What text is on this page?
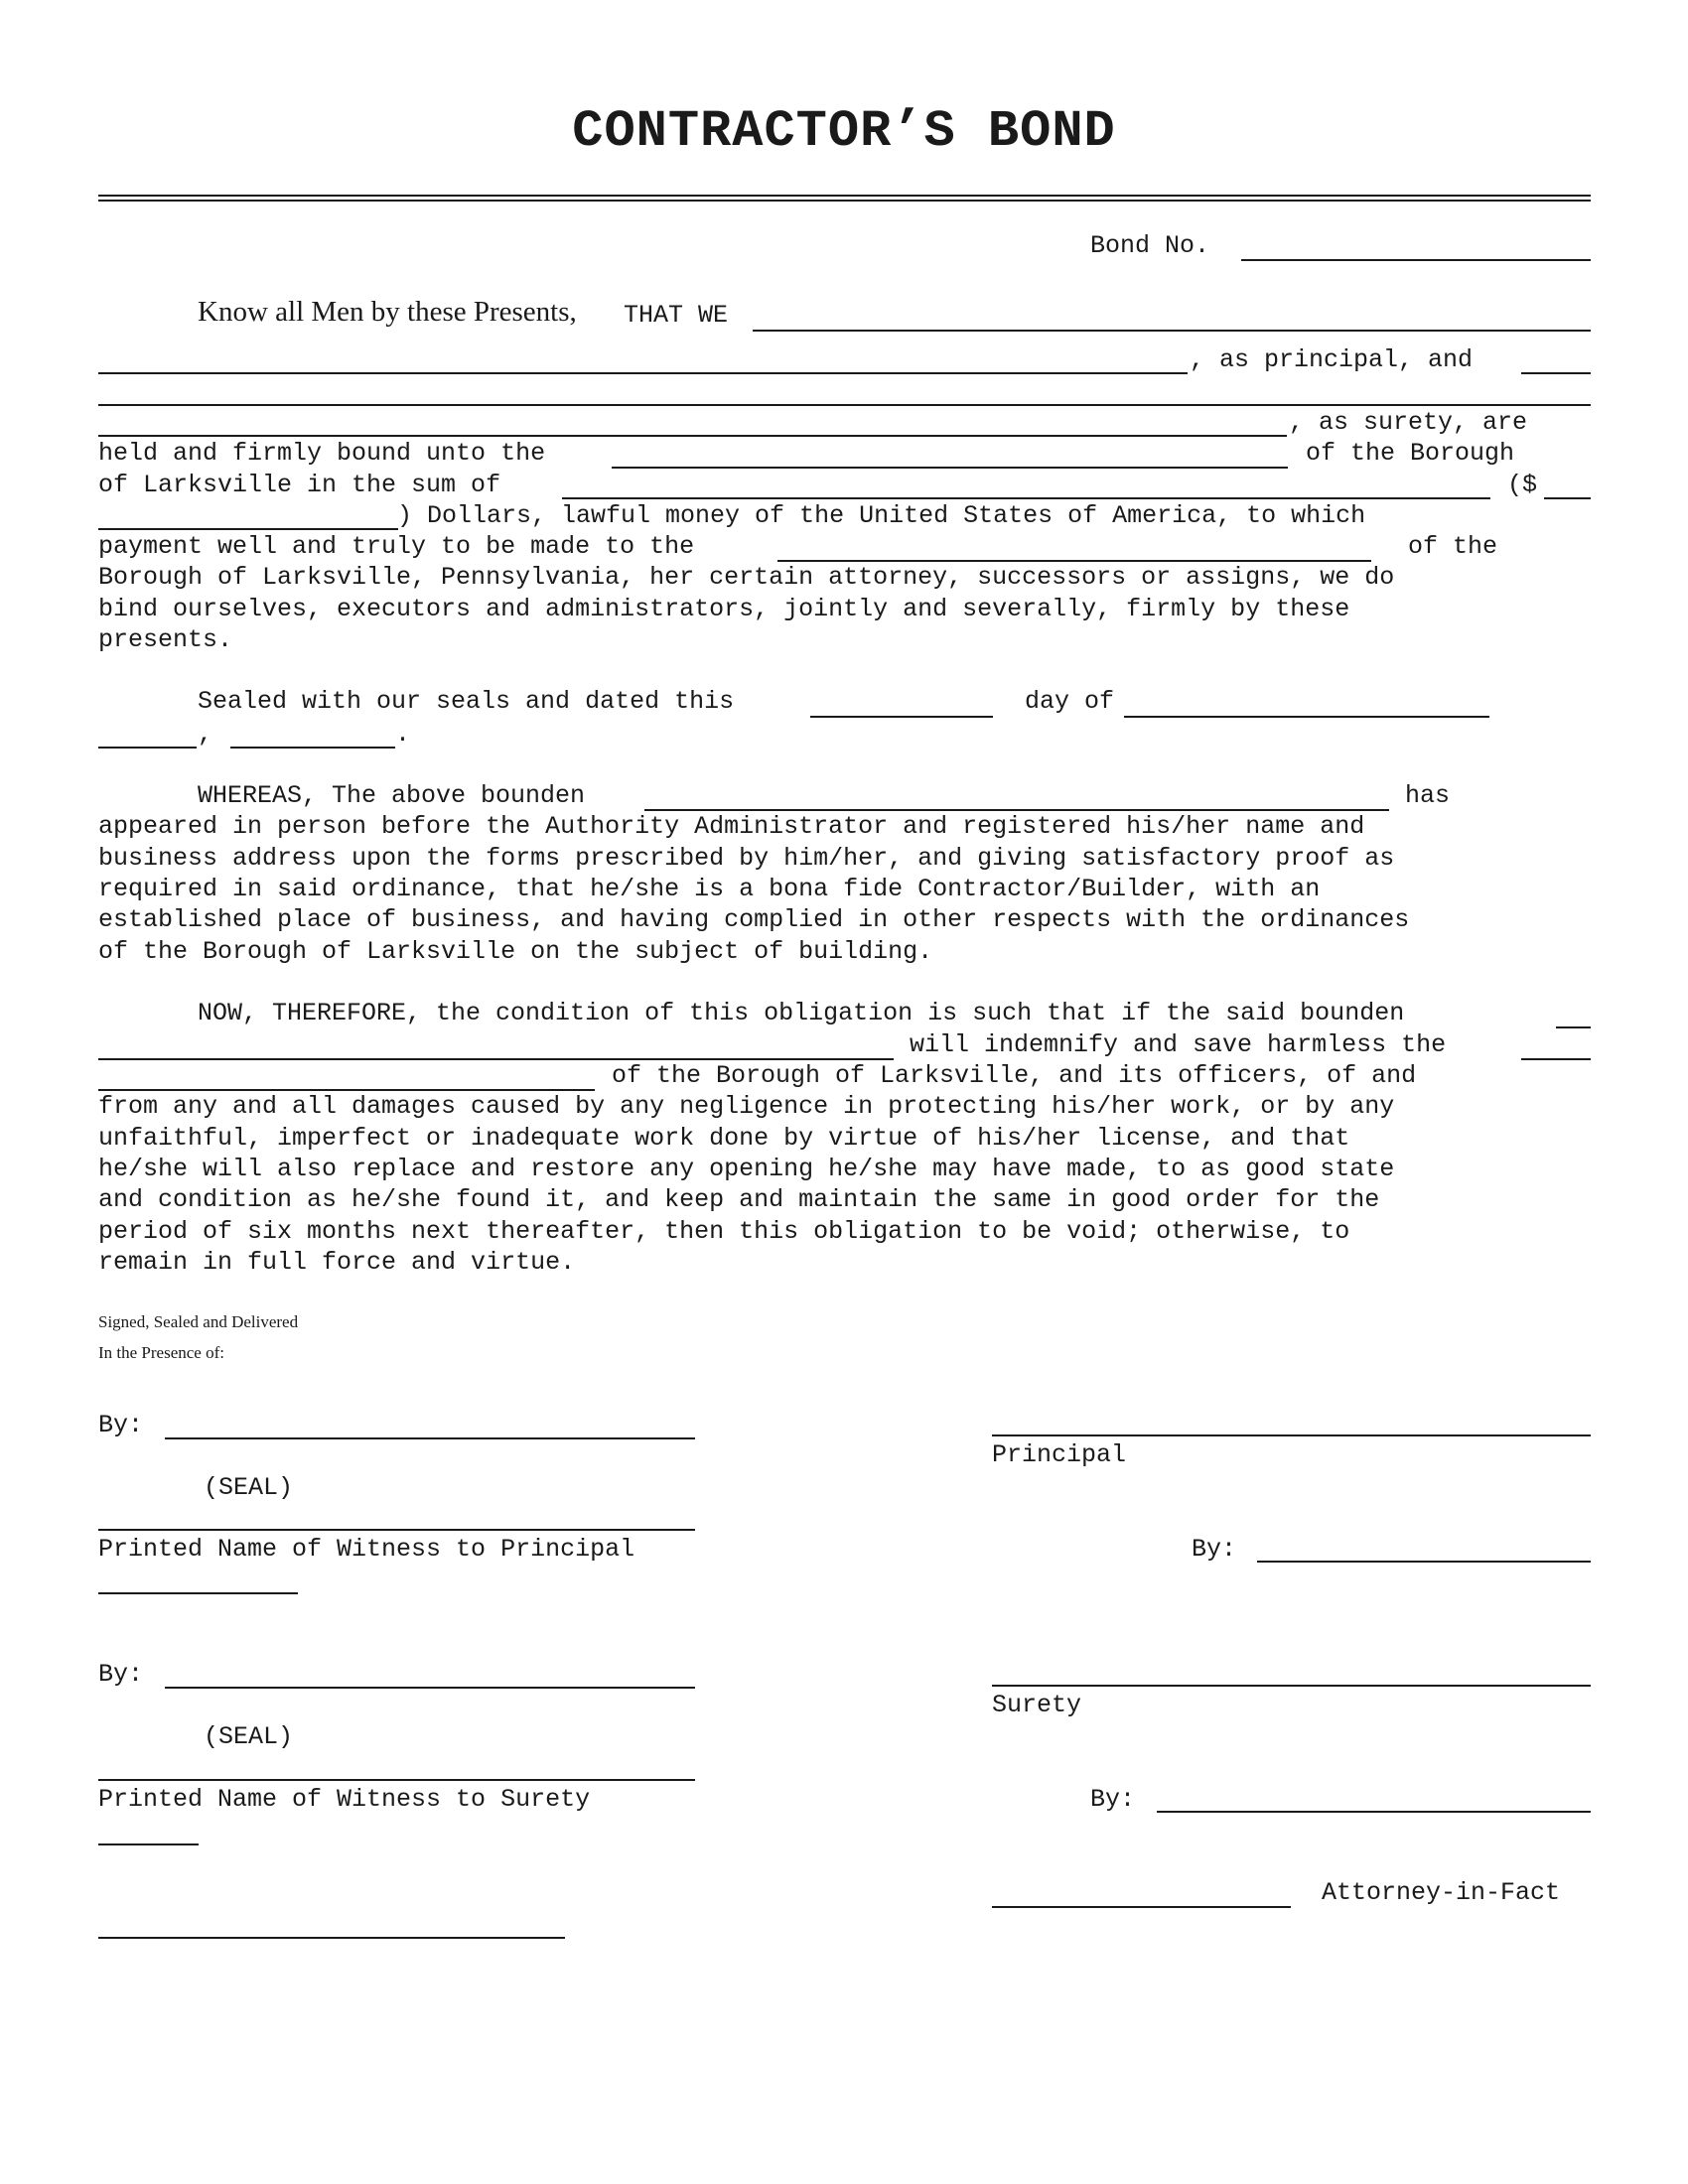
CONTRACTOR’S BOND
Bond No.
Know all Men by these Presents, THAT WE
, as principal, and
, as surety, are
held and firmly bound unto the	of the Borough
of Larksville in the sum of	($
) Dollars, lawful money of the United States of America, to which
payment well and truly to be made to the	of the
Borough of Larksville, Pennsylvania, her certain attorney, successors or assigns, we do
bind ourselves, executors and administrators, jointly and severally, firmly by these
presents.
Sealed with our seals and dated this	day of
,	.
WHEREAS, The above bounden	has
appeared in person before the Authority Administrator and registered his/her name and
business address upon the forms prescribed by him/her, and giving satisfactory proof as
required in said ordinance, that he/she is a bona fide Contractor/Builder, with an
established place of business, and having complied in other respects with the ordinances
of the Borough of Larksville on the subject of building.
NOW, THEREFORE, the condition of this obligation is such that if the said bounden
will indemnify and save harmless the
of the Borough of Larksville, and its officers, of and
from any and all damages caused by any negligence in protecting his/her work, or by any
unfaithful, imperfect or inadequate work done by virtue of his/her license, and that
he/she will also replace and restore any opening he/she may have made, to as good state
and condition as he/she found it, and keep and maintain the same in good order for the
period of six months next thereafter, then this obligation to be void; otherwise, to
remain in full force and virtue.
Signed, Sealed and Delivered
In the Presence of:
By:
(SEAL)
Printed Name of Witness to Principal
Principal
By:
By:
(SEAL)
Printed Name of Witness to Surety
Surety
By:
Attorney-in-Fact
